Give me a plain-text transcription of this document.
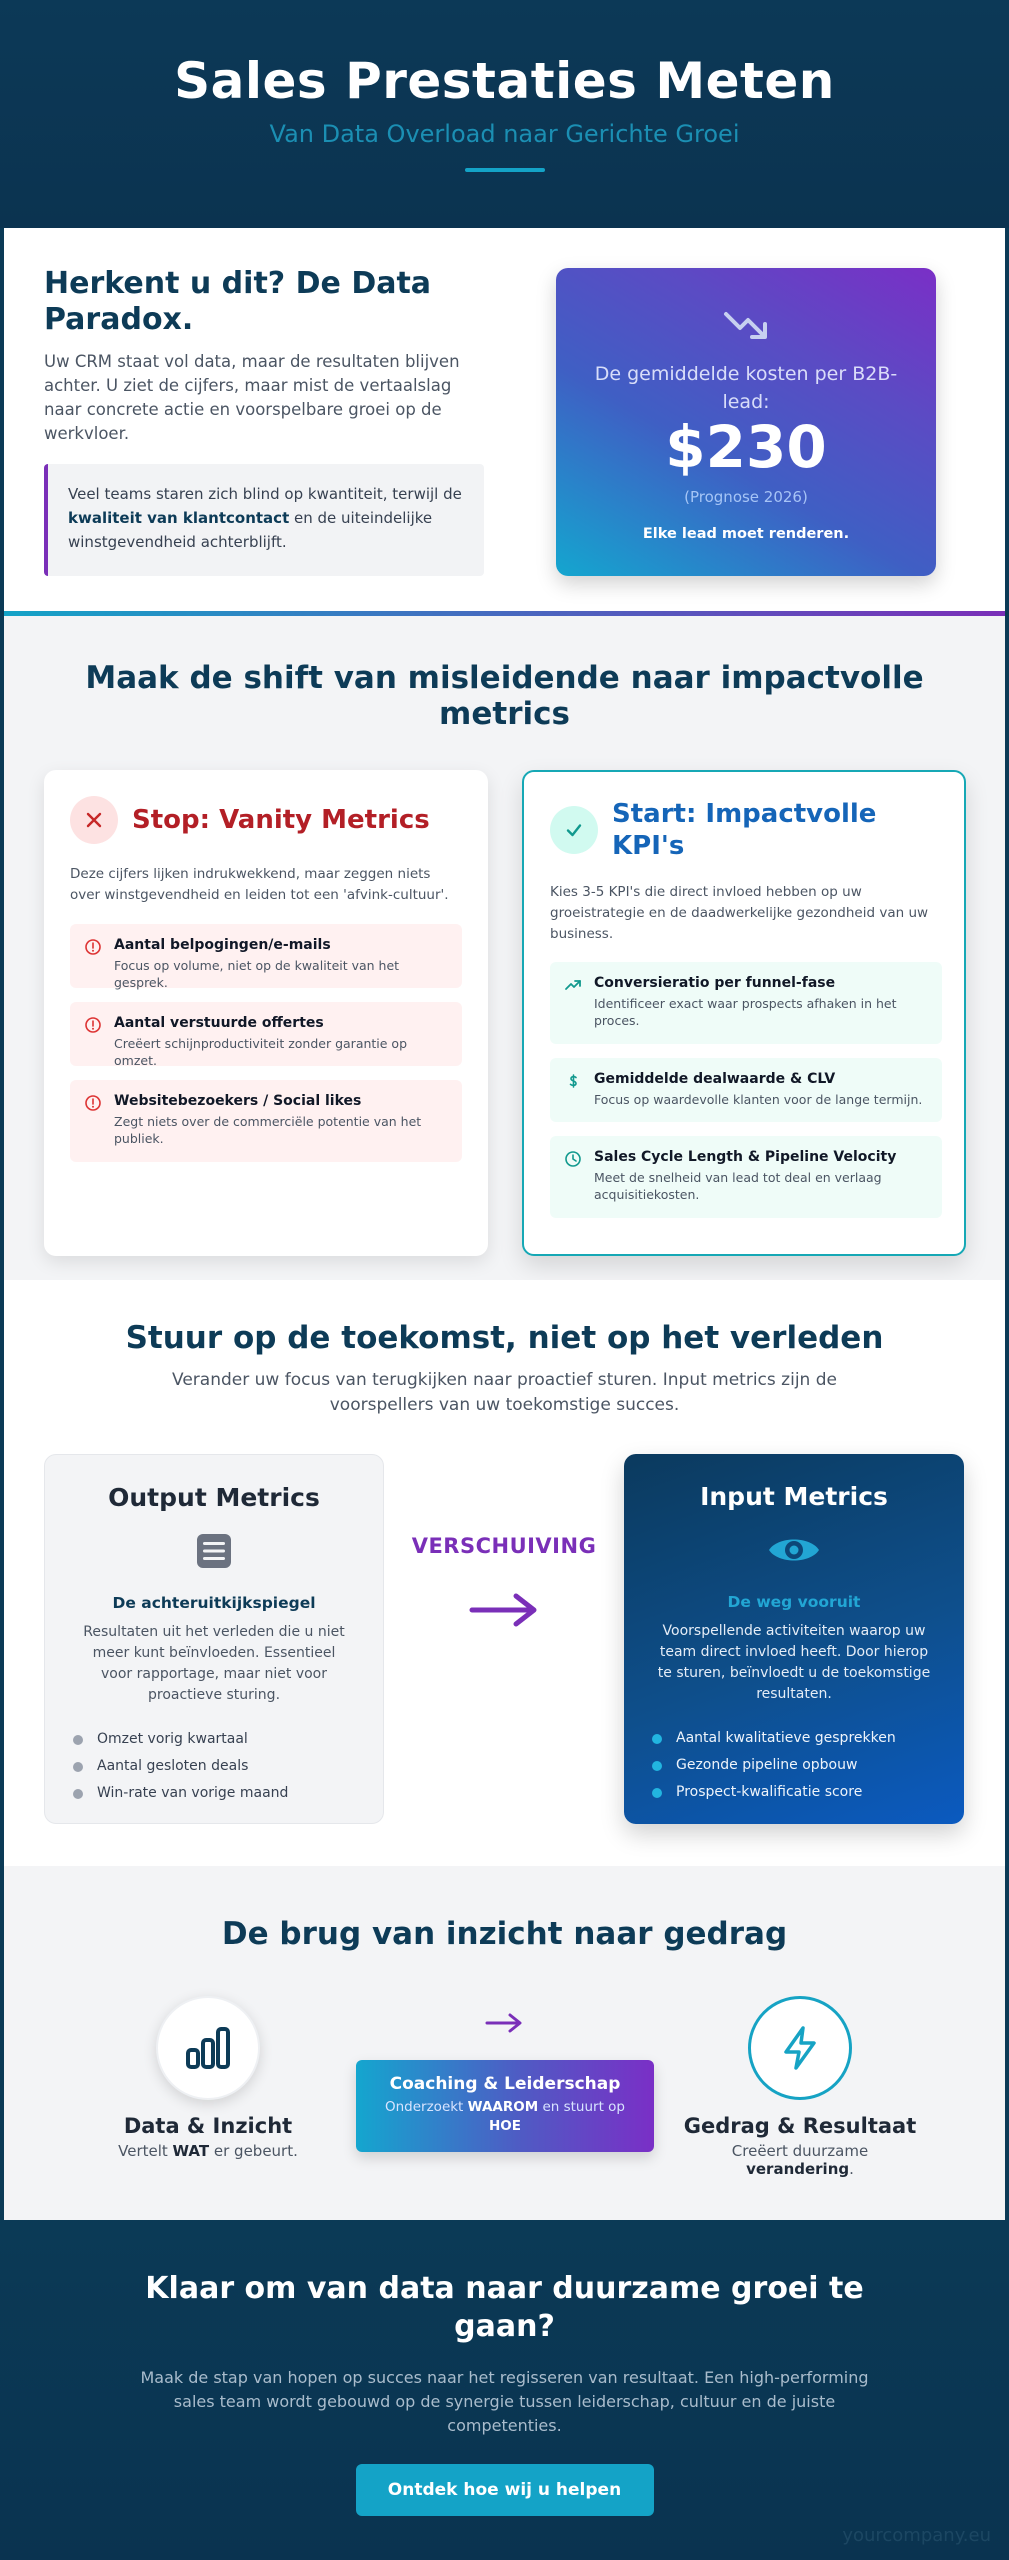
Sales Prestaties Meten
Van Data Overload naar Gerichte Groei
Herkent u dit? De Data Paradox.

Uw CRM staat vol data, maar de resultaten blijven achter. U ziet de cijfers, maar mist de vertaalslag naar concrete actie en voorspelbare groei op de werkvloer.

Veel teams staren zich blind op kwantiteit, terwijl de kwaliteit van klantcontact en de uiteindelijke winstgevendheid achterblijft.
De gemiddelde kosten per B2B-lead:
$230
(Prognose 2026)
Elke lead moet renderen.
Maak de shift van misleidende naar impactvolle metrics
Stop: Vanity Metrics

Deze cijfers lijken indrukwekkend, maar zeggen niets over winstgevendheid en leiden tot een 'afvink-cultuur'.

Aantal belpogingen/e-mails
Focus op volume, niet op de kwaliteit van het gesprek.
Aantal verstuurde offertes
Creëert schijnproductiviteit zonder garantie op omzet.
Websitebezoekers / Social likes
Zegt niets over de commerciële potentie van het publiek.
Start: Impactvolle KPI's

Kies 3-5 KPI's die direct invloed hebben op uw groeistrategie en de daadwerkelijke gezondheid van uw business.

Conversieratio per funnel-fase
Identificeer exact waar prospects afhaken in het proces.
Gemiddelde dealwaarde & CLV
Focus op waardevolle klanten voor de lange termijn.
Sales Cycle Length & Pipeline Velocity
Meet de snelheid van lead tot deal en verlaag acquisitiekosten.
Stuur op de toekomst, niet op het verleden

Verander uw focus van terugkijken naar proactief sturen. Input metrics zijn de voorspellers van uw toekomstige succes.

Output Metrics
De achteruitkijkspiegel

Resultaten uit het verleden die u niet meer kunt beïnvloeden. Essentieel voor rapportage, maar niet voor proactieve sturing.

Omzet vorig kwartaal
Aantal gesloten deals
Win-rate van vorige maand
VERSCHUIVING
Input Metrics
De weg vooruit

Voorspellende activiteiten waarop uw team direct invloed heeft. Door hierop te sturen, beïnvloedt u de toekomstige resultaten.

Aantal kwalitatieve gesprekken
Gezonde pipeline opbouw
Prospect-kwalificatie score
De brug van inzicht naar gedrag
Data & Inzicht
Vertelt WAT er gebeurt.
Coaching & Leiderschap
Onderzoekt WAAROM en stuurt op
HOE	Gedrag & Resultaat
Creëert duurzame verandering.
Klaar om van data naar duurzame groei te gaan?

Maak de stap van hopen op succes naar het regisseren van resultaat. Een high-performing sales team wordt gebouwd op de synergie tussen leiderschap, cultuur en de juiste competenties.

Ontdek hoe wij u helpen
yourcompany.eu
